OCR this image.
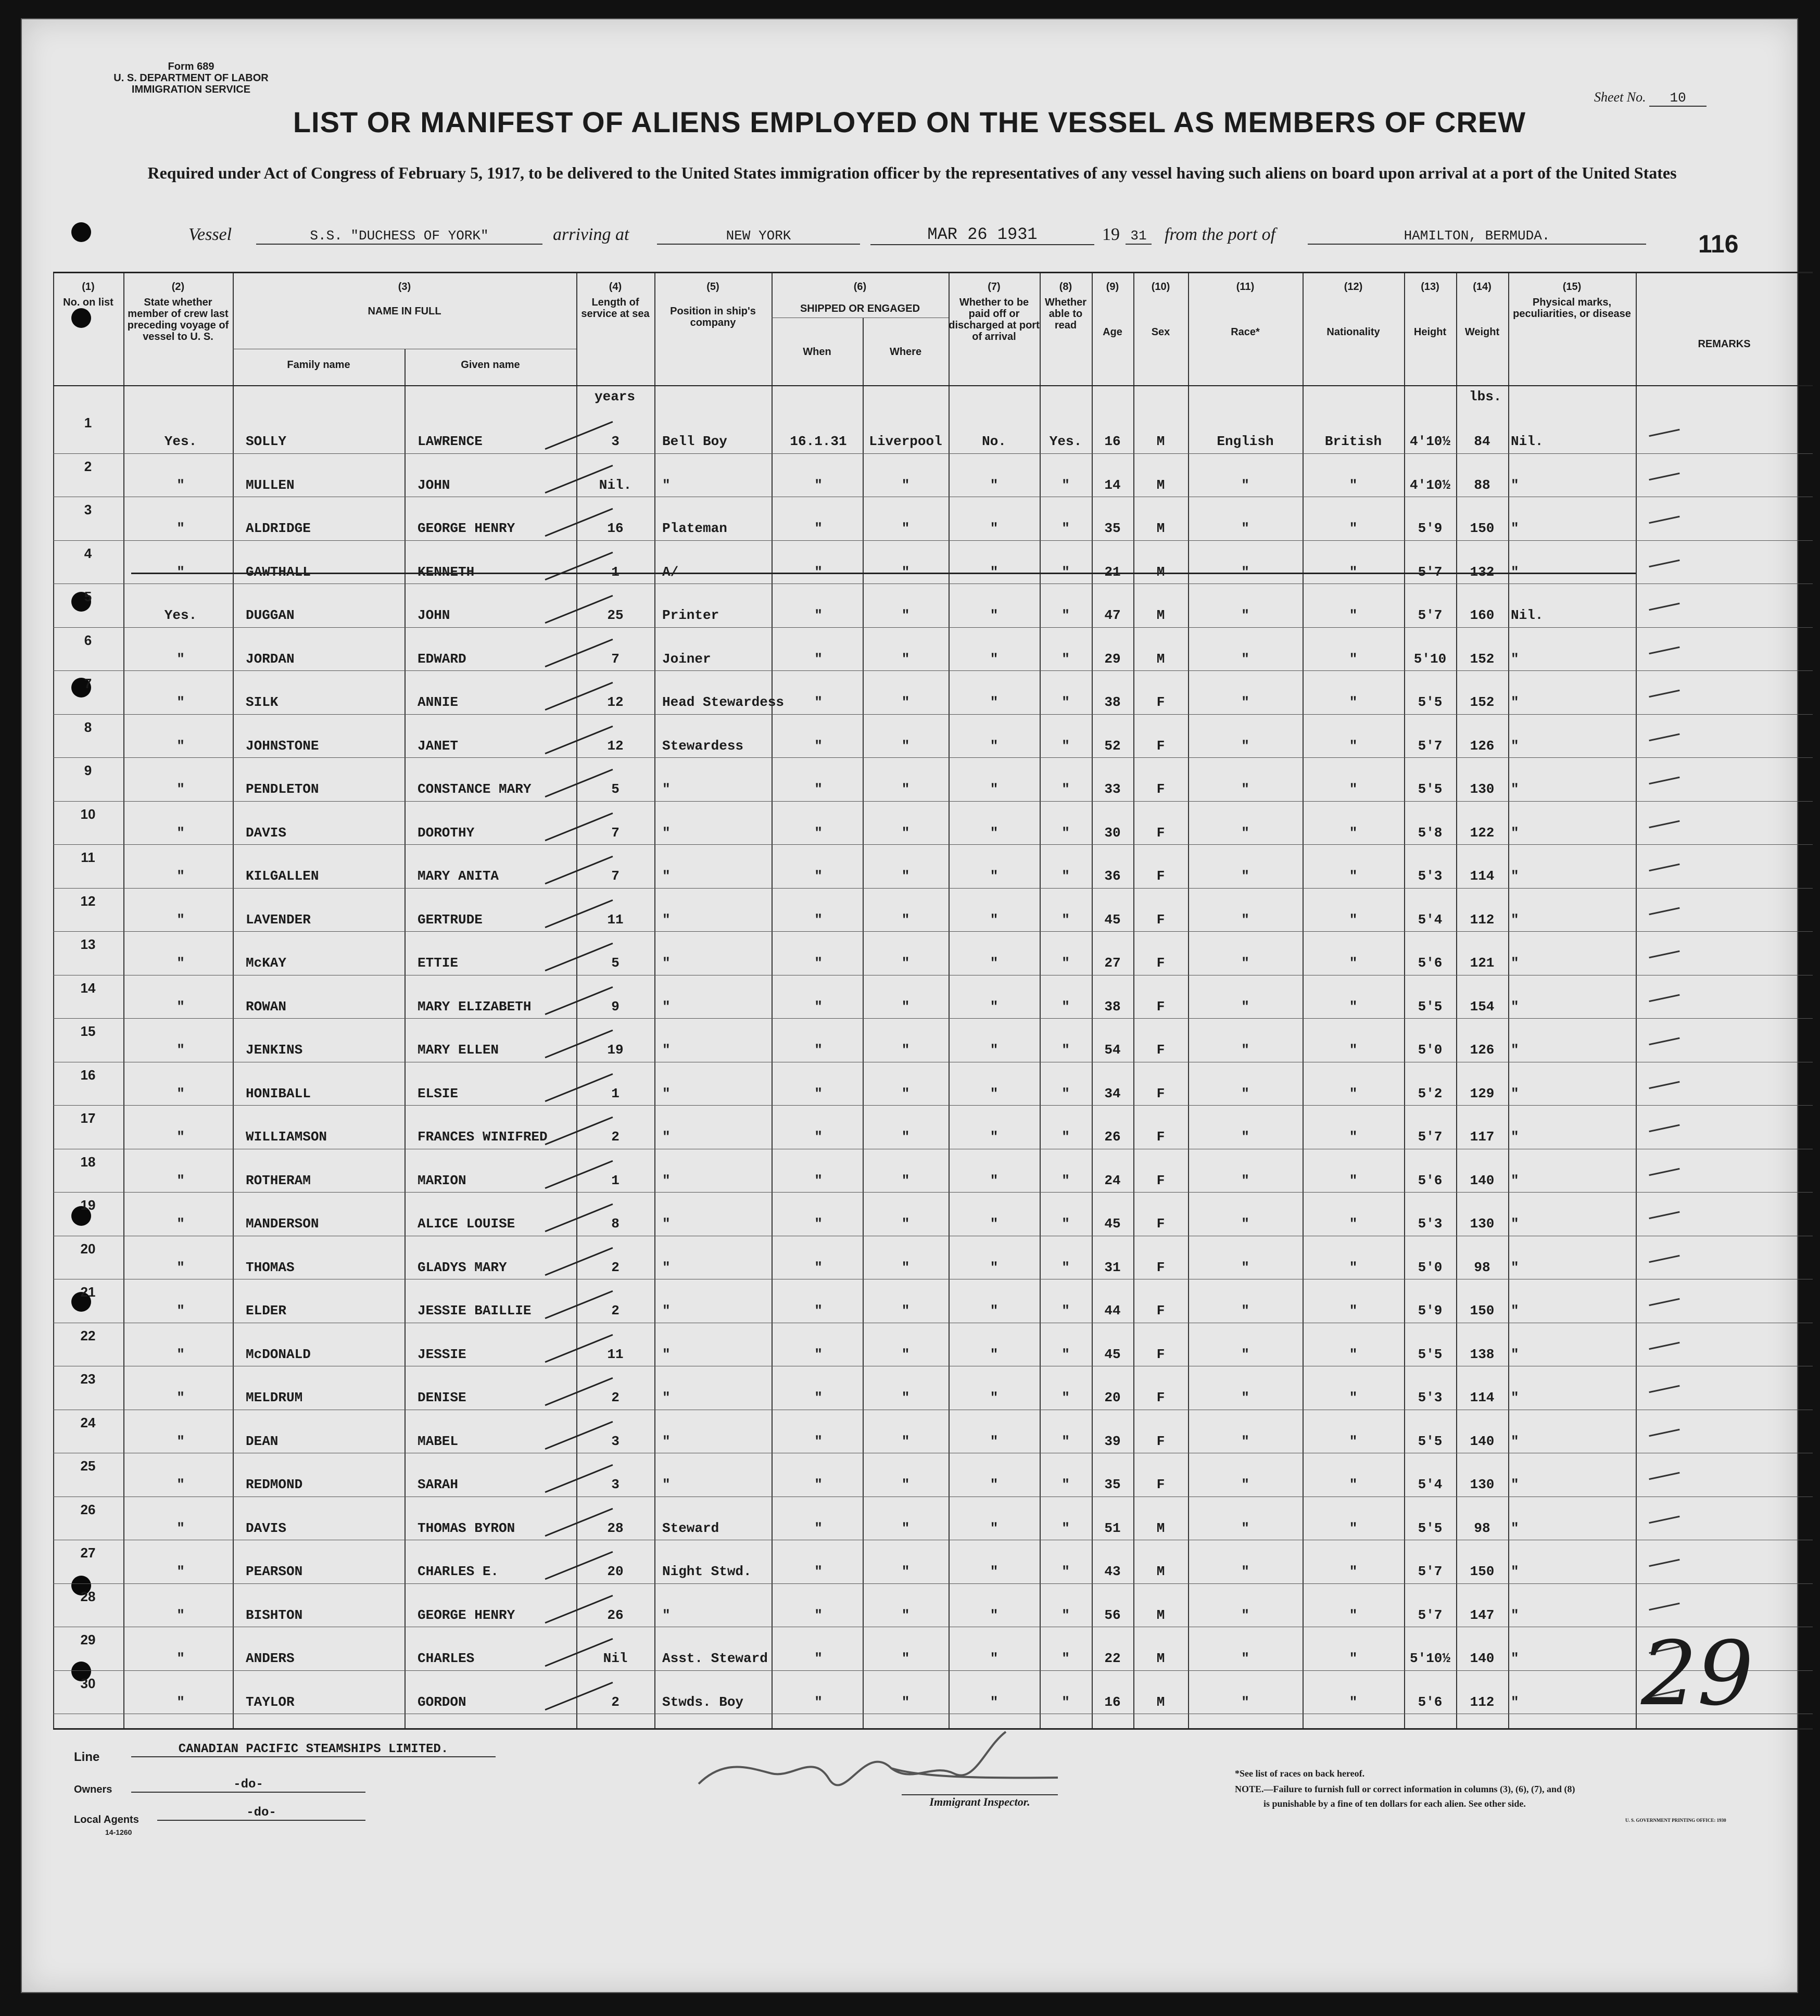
Form 689
U. S. DEPARTMENT OF LABOR
IMMIGRATION SERVICE	Sheet No. 10
LIST OR MANIFEST OF ALIENS EMPLOYED ON THE VESSEL AS MEMBERS OF CREW
Required under Act of Congress of February 5, 1917, to be delivered to the United States immigration officer by the representatives of any vessel having such aliens on board upon arrival at a port of the United States
Vessel	S.S. "DUCHESS OF YORK"	arriving at	NEW YORK	MAR 26 1931	19 31 from the port of	HAMILTON, BERMUDA.	116
(1)
No. on list
(2)
State whether member of crew last preceding voyage of vessel to U. S.
(3)
NAME IN FULL
Family name	Given name
(4)
Length of service at sea
(5)
Position in ship's company
(6)
SHIPPED OR ENGAGED
When	Where
(7)
Whether to be paid off or discharged at port of arrival
(8)
Whether able to read
(9)
Age
(10)
Sex
(11)
Race*
(12)
Nationality
(13)
Height
(14)
Weight
(15)
Physical marks, peculiarities, or disease
REMARKS
years	lbs.
1
Yes.	SOLLY	LAWRENCE	3	Bell Boy	16.1.31	Liverpool	No.	Yes.	16	M	English	British	4'10½	84	Nil.
2
"	MULLEN	JOHN	Nil.	"	"	"	"	"	14	M	"	"	4'10½	88	"
3
"	ALDRIDGE	GEORGE HENRY	16	Plateman	"	"	"	"	35	M	"	"	5'9	150	"
4
"	GAWTHALL	KENNETH	1	A/	"	"	"	"	21	M	"	"	5'7	132	"
5
Yes.	DUGGAN	JOHN	25	Printer	"	"	"	"	47	M	"	"	5'7	160	Nil.
6
"	JORDAN	EDWARD	7	Joiner	"	"	"	"	29	M	"	"	5'10	152	"
7
"	SILK	ANNIE	12	Head Stewardess	"	"	"	"	38	F	"	"	5'5	152	"
8
"	JOHNSTONE	JANET	12	Stewardess	"	"	"	"	52	F	"	"	5'7	126	"
9
"	PENDLETON	CONSTANCE MARY	5	"	"	"	"	"	33	F	"	"	5'5	130	"
10
"	DAVIS	DOROTHY	7	"	"	"	"	"	30	F	"	"	5'8	122	"
11
"	KILGALLEN	MARY ANITA	7	"	"	"	"	"	36	F	"	"	5'3	114	"
12
"	LAVENDER	GERTRUDE	11	"	"	"	"	"	45	F	"	"	5'4	112	"
13
"	McKAY	ETTIE	5	"	"	"	"	"	27	F	"	"	5'6	121	"
14
"	ROWAN	MARY ELIZABETH	9	"	"	"	"	"	38	F	"	"	5'5	154	"
15
"	JENKINS	MARY ELLEN	19	"	"	"	"	"	54	F	"	"	5'0	126	"
16
"	HONIBALL	ELSIE	1	"	"	"	"	"	34	F	"	"	5'2	129	"
17
"	WILLIAMSON	FRANCES WINIFRED	2	"	"	"	"	"	26	F	"	"	5'7	117	"
18
"	ROTHERAM	MARION	1	"	"	"	"	"	24	F	"	"	5'6	140	"
19
"	MANDERSON	ALICE LOUISE	8	"	"	"	"	"	45	F	"	"	5'3	130	"
20
"	THOMAS	GLADYS MARY	2	"	"	"	"	"	31	F	"	"	5'0	98	"
21
"	ELDER	JESSIE BAILLIE	2	"	"	"	"	"	44	F	"	"	5'9	150	"
22
"	McDONALD	JESSIE	11	"	"	"	"	"	45	F	"	"	5'5	138	"
23
"	MELDRUM	DENISE	2	"	"	"	"	"	20	F	"	"	5'3	114	"
24
"	DEAN	MABEL	3	"	"	"	"	"	39	F	"	"	5'5	140	"
25
"	REDMOND	SARAH	3	"	"	"	"	"	35	F	"	"	5'4	130	"
26
"	DAVIS	THOMAS BYRON	28	Steward	"	"	"	"	51	M	"	"	5'5	98	"
27
"	PEARSON	CHARLES E.	20	Night Stwd.	"	"	"	"	43	M	"	"	5'7	150	"
28
"	BISHTON	GEORGE HENRY	26	"	"	"	"	"	56	M	"	"	5'7	147	"
29
"	ANDERS	CHARLES	Nil	Asst. Steward	"	"	"	"	22	M	"	"	5'10½	140	"
30
"	TAYLOR	GORDON	2	Stwds. Boy	"	"	"	"	16	M	"	"	5'6	112	"	29
Line
CANADIAN PACIFIC STEAMSHIPS LIMITED.
Owners	-do-
Local Agents	-do-
14-1260
Immigrant Inspector.
*See list of races on back hereof.
NOTE.—Failure to furnish full or correct information in columns (3), (6), (7), and (8)
is punishable by a fine of ten dollars for each alien. See other side.
U. S. GOVERNMENT PRINTING OFFICE: 1930
